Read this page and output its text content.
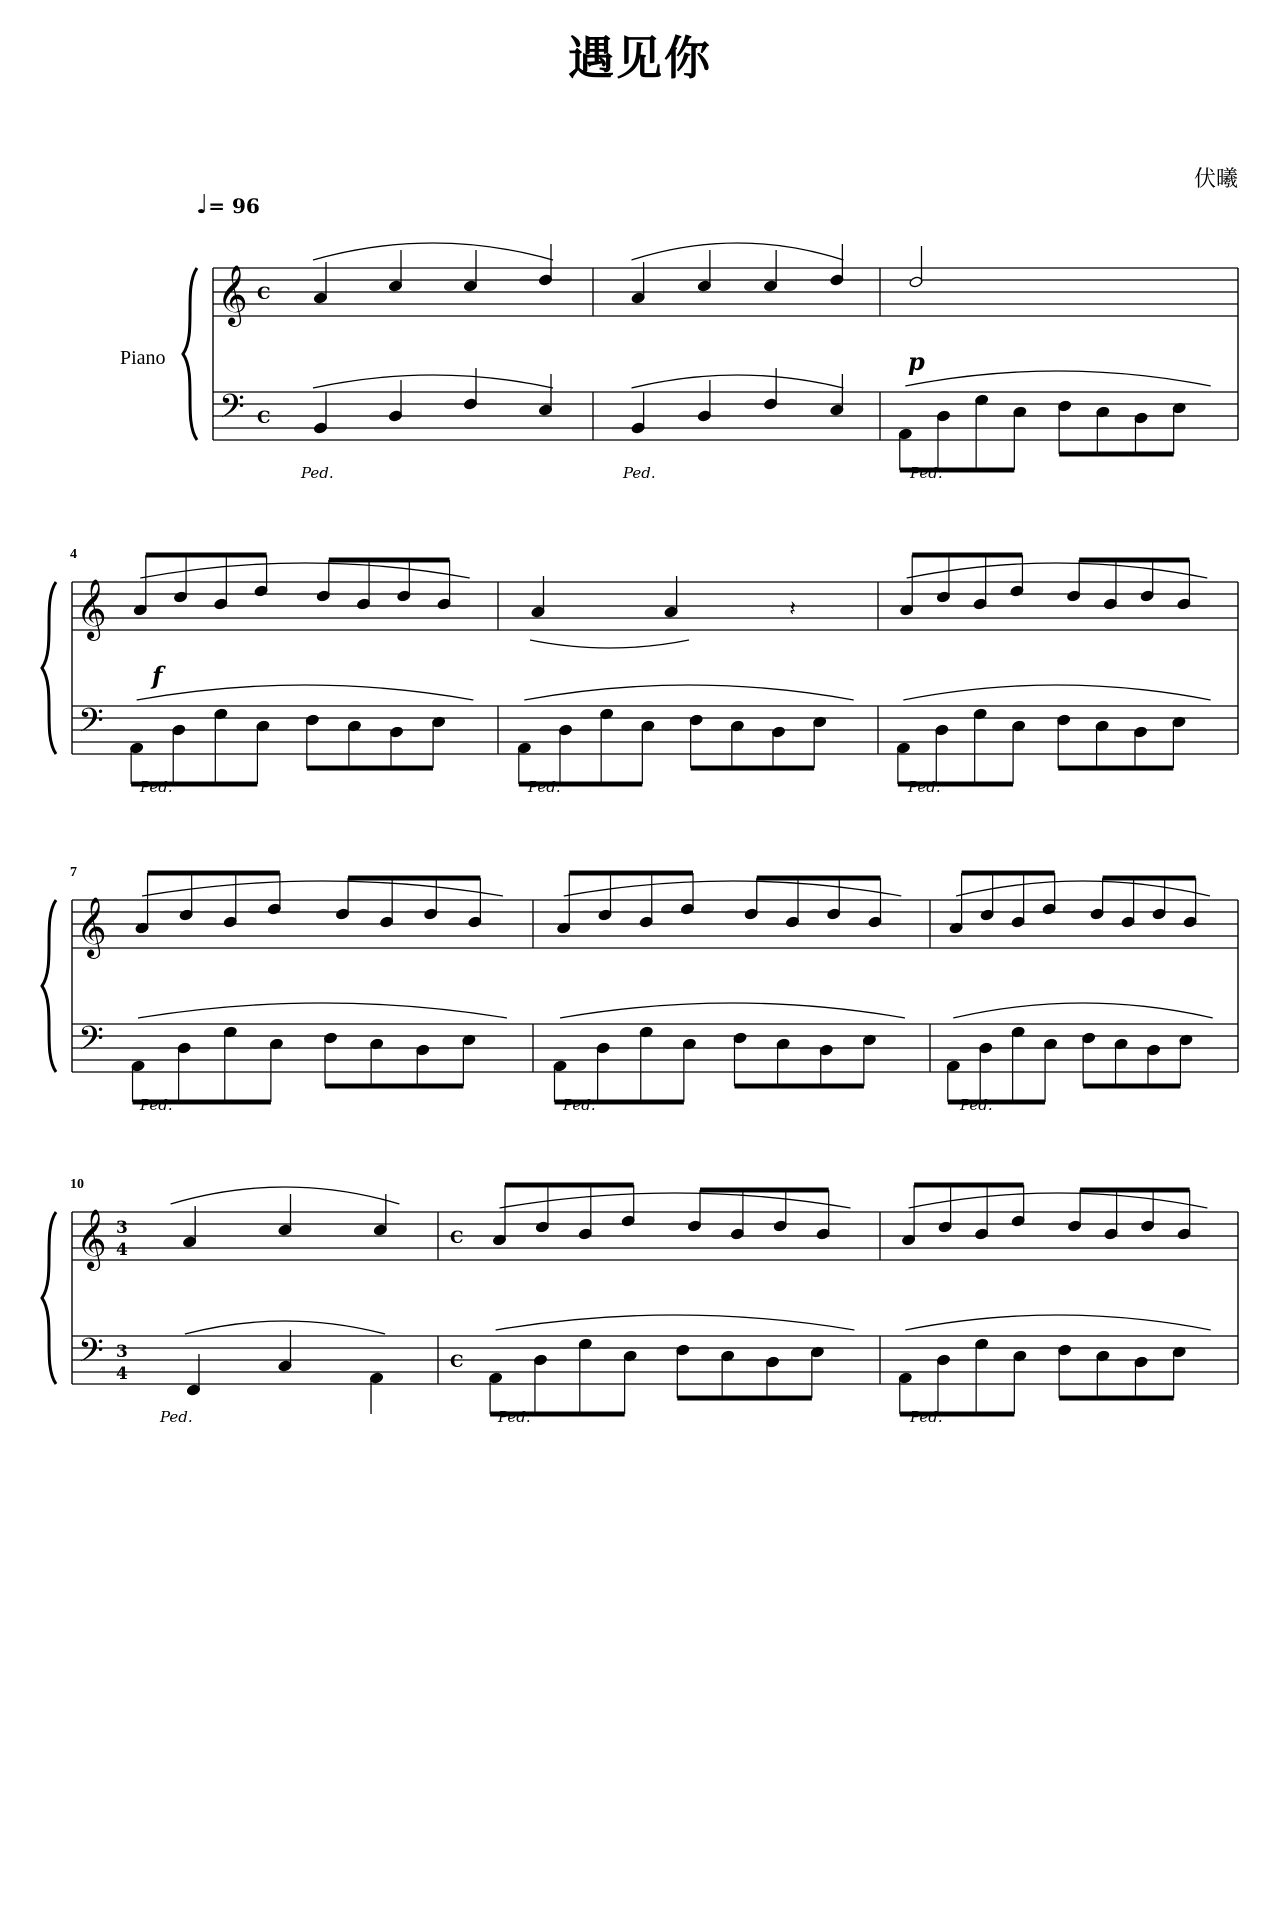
遇见你
伏曦
♩= 96
Piano
𝄞
𝄢
C
C
Ped.	Ped.	Ped.
p
𝄞
𝄢
4
Ped.
𝄽
Ped.	Ped.
f
𝄞
𝄢
7
Ped.	Ped.	Ped.
𝄞
𝄢
10
3
4
3
4
C
C
Ped.	Ped.	Ped.
